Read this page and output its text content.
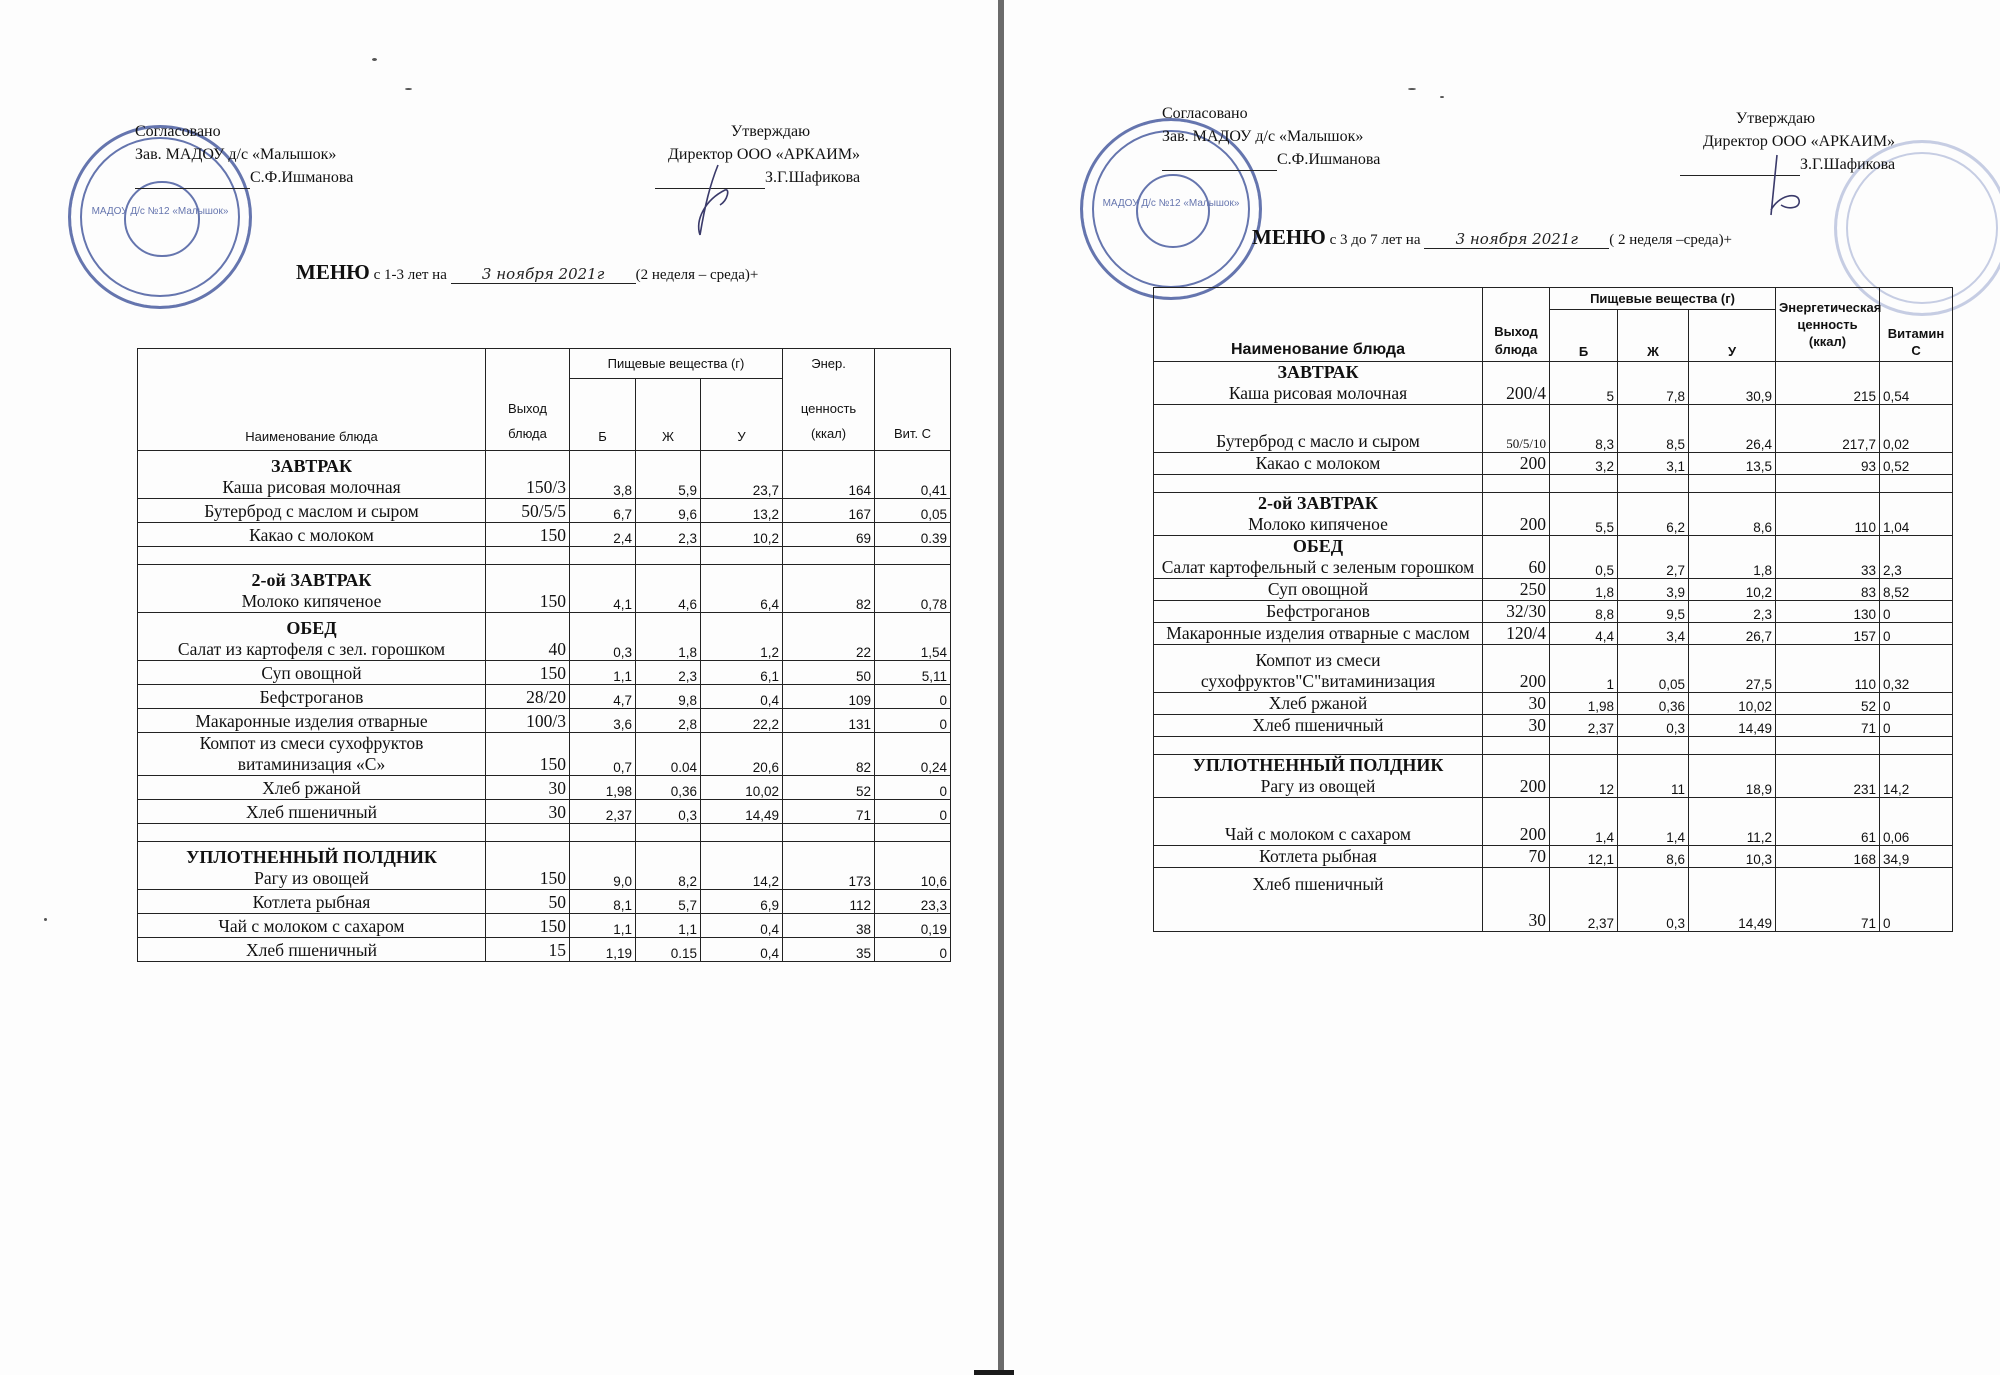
МАДОУ Д/с №12 «Малышок»
Согласовано
Зав. МАДОУ д/с «Малышок»
С.Ф.Ишманова
Утверждаю
Директор ООО «АРКАИМ»
З.Г.Шафикова
МЕНЮ с 1-3 лет на 3 ноября 2021г (2 неделя – среда)+
Наименование блюда	Выход блюда	Пищевые вещества (г)			Энер.	Вит. С
		Б	Ж	У	ценность (ккал)	

ЗАВТРАК
Каша рисовая молочная	150/3	3,8	5,9	23,7	164	0,41

Бутерброд с маслом и сыром	50/5/5	6,7	9,6	13,2	167	0,05

Какао с молоком	150	2,4	2,3	10,2	69	0.39

2-ой ЗАВТРАК
Молоко кипяченое	150	4,1	4,6	6,4	82	0,78

ОБЕД
Салат из картофеля с зел. горошком	40	0,3	1,8	1,2	22	1,54

Суп овощной	150	1,1	2,3	6,1	50	5,11

Бефстроганов	28/20	4,7	9,8	0,4	109	0

Макаронные изделия отварные	100/3	3,6	2,8	22,2	131	0

Компот из смеси сухофруктов витаминизация «С»	150	0,7	0.04	20,6	82	0,24

Хлеб ржаной	30	1,98	0,36	10,02	52	0

Хлеб пшеничный	30	2,37	0,3	14,49	71	0

УПЛОТНЕННЫЙ ПОЛДНИК
Рагу из овощей	150	9,0	8,2	14,2	173	10,6

Котлета рыбная	50	8,1	5,7	6,9	112	23,3

Чай с молоком с сахаром	150	1,1	1,1	0,4	38	0,19

Хлеб пшеничный	15	1,19	0.15	0,4	35	0
МАДОУ Д/с №12 «Малышок»
Согласовано
Зав. МАДОУ д/с «Малышок»
С.Ф.Ишманова
Утверждаю
Директор ООО «АРКАИМ»
З.Г.Шафикова
МЕНЮ с 3 до 7 лет на 3 ноября 2021г ( 2 неделя –среда)+
Наименование блюда	Выход блюда	Пищевые вещества (г)			Энергетическая ценность (ккал)	Витамин С
		Б	Ж	У		

ЗАВТРАК
Каша рисовая молочная	200/4	5	7,8	30,9	215	0,54

Бутерброд с масло и сыром	50/5/10	8,3	8,5	26,4	217,7	0,02

Какао с молоком	200	3,2	3,1	13,5	93	0,52

2-ой ЗАВТРАК
Молоко кипяченое	200	5,5	6,2	8,6	110	1,04

ОБЕД
Салат картофельный с зеленым горошком	60	0,5	2,7	1,8	33	2,3

Суп овощной	250	1,8	3,9	10,2	83	8,52

Бефстроганов	32/30	8,8	9,5	2,3	130	0

Макаронные изделия отварные с маслом	120/4	4,4	3,4	26,7	157	0

Компот из смеси сухофруктов"С"витаминизация	200	1	0,05	27,5	110	0,32

Хлеб ржаной	30	1,98	0,36	10,02	52	0

Хлеб пшеничный	30	2,37	0,3	14,49	71	0

УПЛОТНЕННЫЙ ПОЛДНИК
Рагу из овощей	200	12	11	18,9	231	14,2

Чай с молоком с сахаром	200	1,4	1,4	11,2	61	0,06

Котлета рыбная	70	12,1	8,6	10,3	168	34,9

Хлеб пшеничный	30	2,37	0,3	14,49	71	0
